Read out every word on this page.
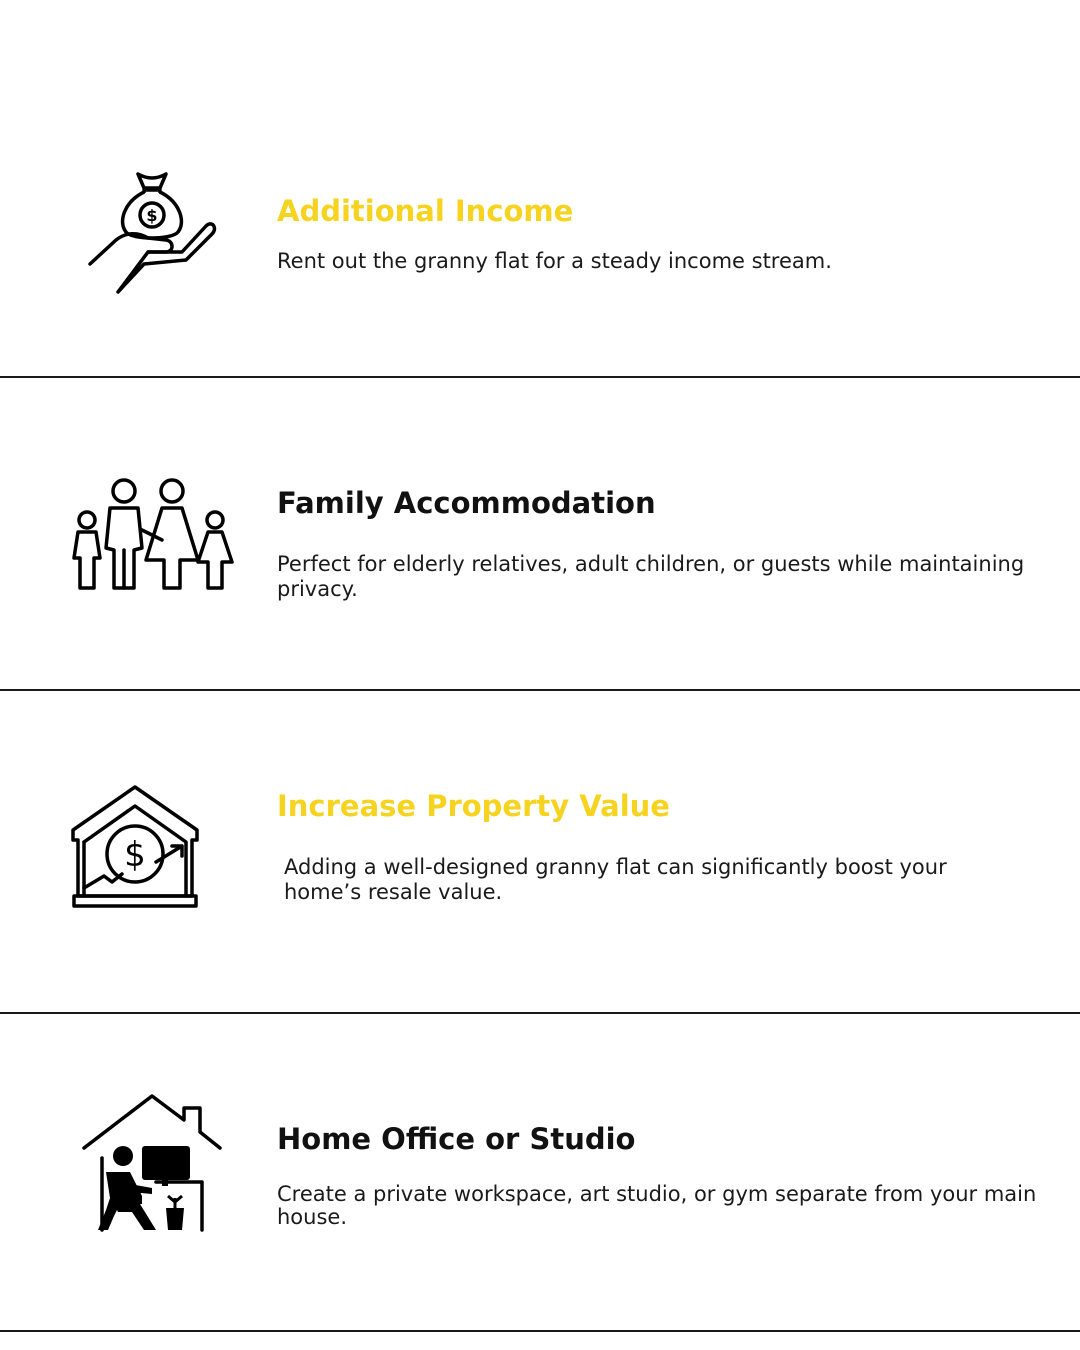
$	Additional Income

Rent out the granny flat for a steady income stream.

Family Accommodation

Perfect for elderly relatives, adult children, or guests while maintaining privacy.

$
Increase Property Value

Adding a well-designed granny flat can significantly boost your home’s resale value.

Home Office or Studio

Create a private workspace, art studio, or gym separate from your main house.
